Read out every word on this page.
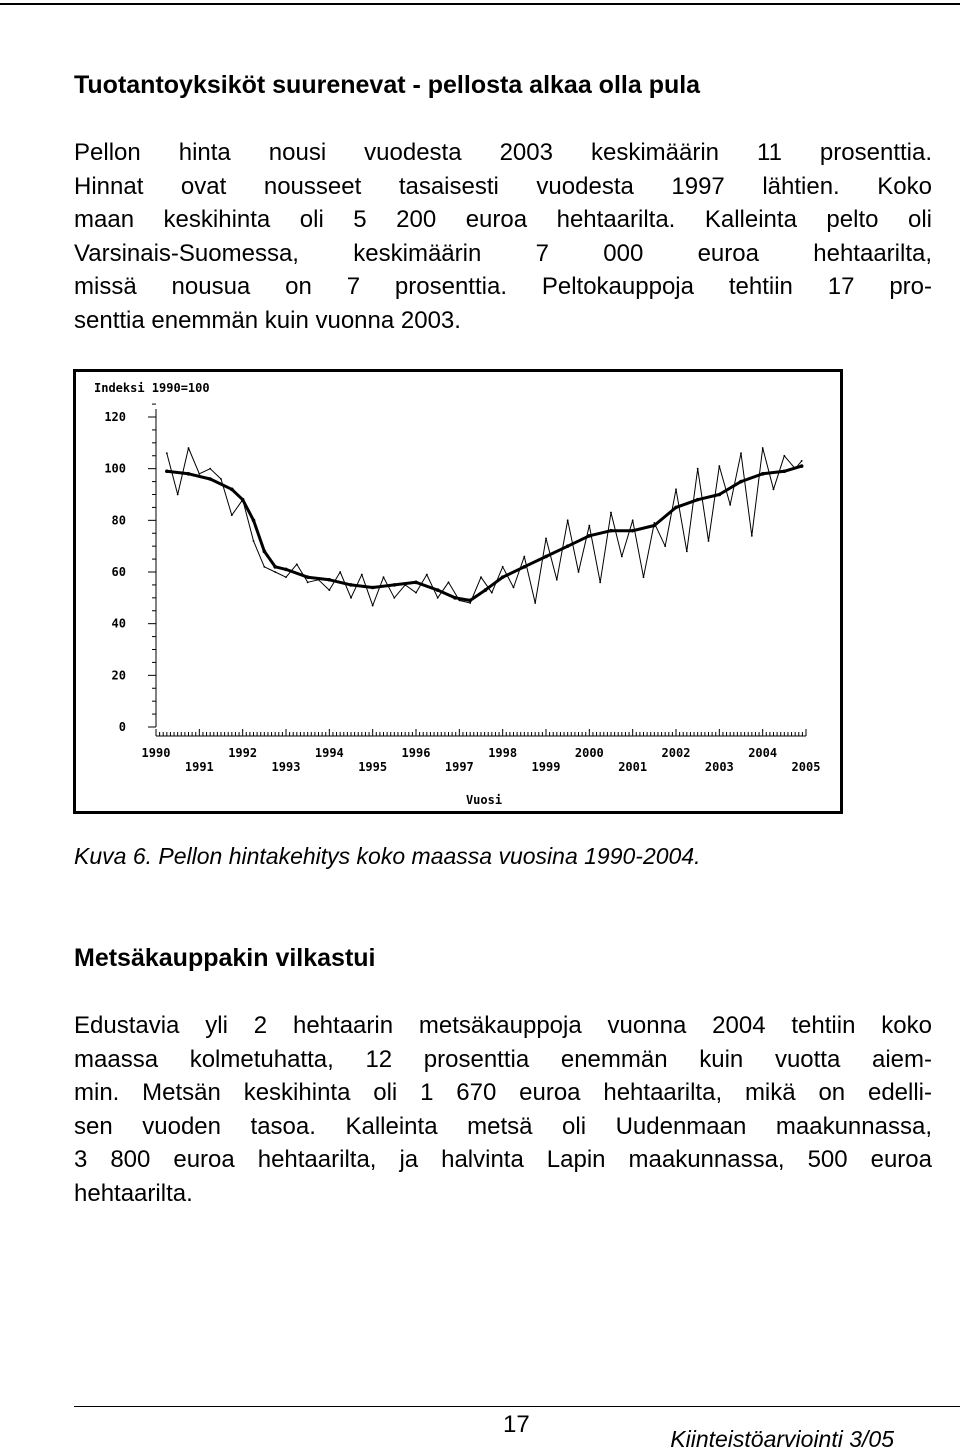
Tuotantoyksiköt suurenevat - pellosta alkaa olla pula
Pellon hinta nousi vuodesta 2003 keskimäärin 11 prosenttia.
Hinnat ovat nousseet tasaisesti vuodesta 1997 lähtien. Koko
maan keskihinta oli 5 200 euroa hehtaarilta. Kalleinta pelto oli
Varsinais-Suomessa, keskimäärin 7 000 euroa hehtaarilta,
missä nousua on 7 prosenttia. Peltokauppoja tehtiin 17 pro-
senttia enemmän kuin vuonna 2003.
Indeksi 1990=100
0
20
40
60
80
100
120
1990	1992	1994	1996	1998	2000	2002	2004
1991	1993	1995	1997	1999	2001	2003	2005
Vuosi

Kuva 6. Pellon hintakehitys koko maassa vuosina 1990-2004.

Metsäkauppakin vilkastui
Edustavia yli 2 hehtaarin metsäkauppoja vuonna 2004 tehtiin koko
maassa kolmetuhatta, 12 prosenttia enemmän kuin vuotta aiem-
min. Metsän keskihinta oli 1 670 euroa hehtaarilta, mikä on edelli-
sen vuoden tasoa. Kalleinta metsä oli Uudenmaan maakunnassa,
3 800 euroa hehtaarilta, ja halvinta Lapin maakunnassa, 500 euroa
hehtaarilta.
17
Kiinteistöarviointi 3/05
